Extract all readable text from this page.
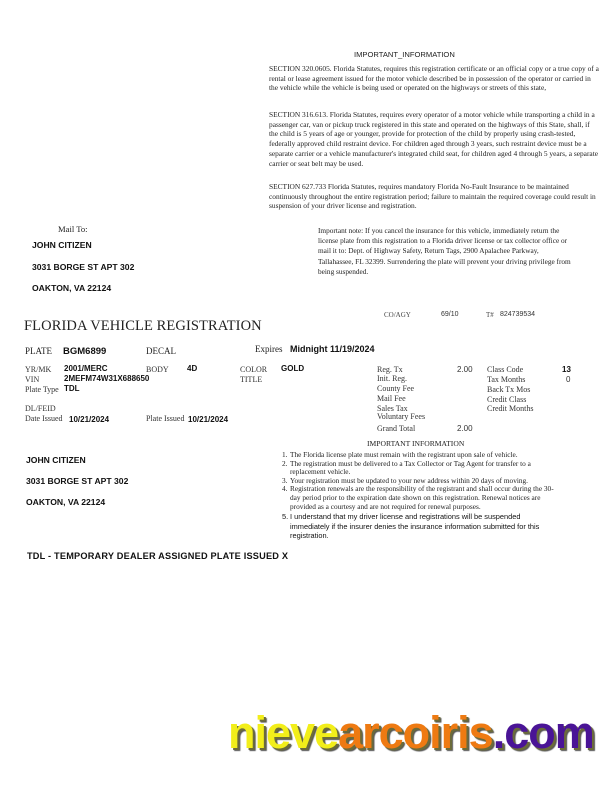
IMPORTANT_INFORMATION

SECTION 320.0605. Florida Statutes, requires this registration certificate or an official copy or a true copy of a rental or lease agreement issued for the motor vehicle described be in possession of the operator or carried in the vehicle while the vehicle is being used or operated on the highways or streets of this state,

SECTION 316.613. Florida Statutes, requires every operator of a motor vehicle while transporting a child in a passenger car, van or pickup truck registered in this state and operated on the highways of this State, shall, if the child is 5 years of age or younger, provide for protection of the child by properly using crash-tested, federally approved child restraint device. For children aged through 3 years, such restraint device must be a separate carrier or a vehicle manufacturer's integrated child seat, for children aged 4 through 5 years, a separate carrier or seat belt may be used.

SECTION 627.733 Florida Statutes, requires mandatory Florida No-Fault Insurance to be maintained continuously throughout the entire registration period; failure to maintain the required coverage could result in suspension of your driver license and registration.

Mail To:
JOHN CITIZEN
3031 BORGE ST APT 302
OAKTON, VA 22124

Important note: If you cancel the insurance for this vehicle, immediately return the license plate from this registration to a Florida driver license or tax collector office or mail it to: Dept. of Highway Safety, Return Tags, 2900 Apalachee Parkway, Tallahassee, FL 32399. Surrendering the plate will prevent your driving privilege from being suspended.

CO/AGY	69/10	T# 824739534
FLORIDA VEHICLE REGISTRATION
PLATE BGM6899	DECAL	Expires Midnight 11/19/2024
YR/MK 2001/MERC	BODY 4D	COLOR GOLD
VIN	2MEFM74W31X688650	TITLE
Plate Type TDL
DL/FEID
Date Issued 10/21/2024	Plate Issued 10/21/2024
Reg. Tx	2.00
Init. Reg.
County Fee
Mail Fee
Sales Tax
Voluntary Fees
Grand Total	2.00
Class Code	13
Tax Months	0
Back Tx Mos
Credit Class
Credit Months
IMPORTANT INFORMATION
1. The Florida license plate must remain with the registrant upon sale of vehicle.
2. The registration must be delivered to a Tax Collector or Tag Agent for transfer to a replacement vehicle.
3. Your registration must be updated to your new address within 20 days of moving.
4. Registration renewals are the responsibility of the registrant and shall occur during the 30-day period prior to the expiration date shown on this registration. Renewal notices are provided as a courtesy and are not required for renewal purposes.
5. I understand that my driver license and registrations will be suspended immediately if the insurer denies the insurance information submitted for this registration.
JOHN CITIZEN
3031 BORGE ST APT 302
OAKTON, VA 22124
TDL - TEMPORARY DEALER ASSIGNED PLATE ISSUED X
nievearcoiris.com
